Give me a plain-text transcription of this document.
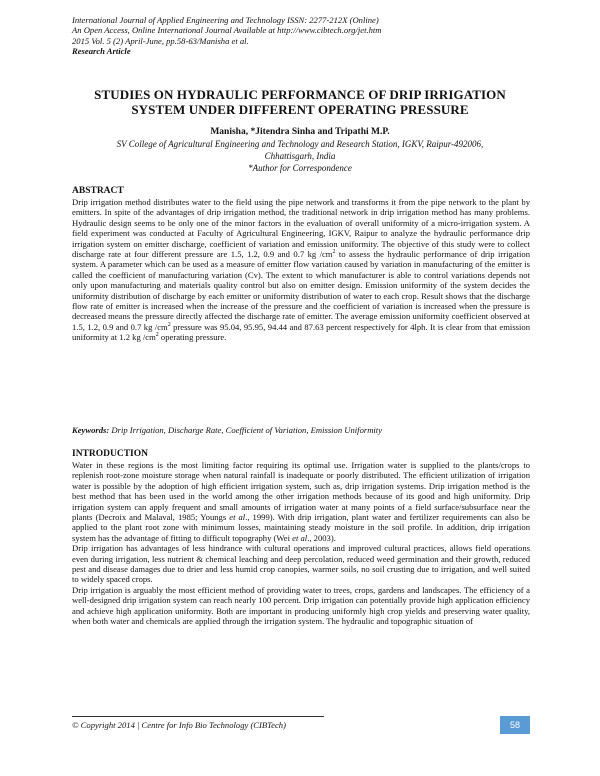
International Journal of Applied Engineering and Technology ISSN: 2277-212X (Online)
An Open Access, Online International Journal Available at http://www.cibtech.org/jet.htm
2015 Vol. 5 (2) April-June, pp.58-63/Manisha et al.
Research Article
STUDIES ON HYDRAULIC PERFORMANCE OF DRIP IRRIGATION
SYSTEM UNDER DIFFERENT OPERATING PRESSURE
Manisha, *Jitendra Sinha and Tripathi M.P.
SV College of Agricultural Engineering and Technology and Research Station, IGKV, Raipur-492006,
Chhattisgarh, India
*Author for Correspondence
ABSTRACT

Drip irrigation method distributes water to the field using the pipe network and transforms it from the pipe network to the plant by emitters. In spite of the advantages of drip irrigation method, the traditional network in drip irrigation method has many problems. Hydraulic design seems to be only one of the minor factors in the evaluation of overall uniformity of a micro-irrigation system. A field experiment was conducted at Faculty of Agricultural Engineering, IGKV, Raipur to analyze the hydraulic performance drip irrigation system on emitter discharge, coefficient of variation and emission uniformity. The objective of this study were to collect discharge rate at four different pressure are 1.5, 1.2, 0.9 and 0.7 kg $/cm^2$ to assess the hydraulic performance of drip irrigation system. A parameter which can be used as a measure of emitter flow variation caused by variation in manufacturing of the emitter is called the coefficient of manufacturing variation (Cv). The extent to which manufacturer is able to control variations depends not only upon manufacturing and materials quality control but also on emitter design. Emission uniformity of the system decides the uniformity distribution of discharge by each emitter or uniformity distribution of water to each crop. Result shows that the discharge flow rate of emitter is increased when the increase of the pressure and the coefficient of variation is increased when the pressure is decreased means the pressure directly affected the discharge rate of emitter. The average emission uniformity coefficient observed at 1.5, 1.2, 0.9 and 0.7 kg $/cm^2$ pressure was 95.04, 95.95, 94.44 and 87.63 percent respectively for 4lph. It is clear from that emission uniformity at 1.2 kg $/cm^2$ operating pressure.

Keywords: Drip Irrigation, Discharge Rate, Coefficient of Variation, Emission Uniformity
INTRODUCTION

Water in these regions is the most limiting factor requiring its optimal use. Irrigation water is supplied to the plants/crops to replenish root-zone moisture storage when natural rainfall is inadequate or poorly distributed. The efficient utilization of irrigation water is possible by the adoption of high efficient irrigation system, such as, drip irrigation systems. Drip irrigation method is the best method that has been used in the world among the other irrigation methods because of its good and high uniformity. Drip irrigation system can apply frequent and small amounts of irrigation water at many points of a field surface/subsurface near the plants (Decroix and Malaval, 1985; Youngs et al., 1999). With drip irrigation, plant water and fertilizer requirements can also be applied to the plant root zone with minimum losses, maintaining steady moisture in the soil profile. In addition, drip irrigation system has the advantage of fitting to difficult topography (Wei et al., 2003).

Drip irrigation has advantages of less hindrance with cultural operations and improved cultural practices, allows field operations even during irrigation, less nutrient & chemical leaching and deep percolation, reduced weed germination and their growth, reduced pest and disease damages due to drier and less humid crop canopies, warmer soils, no soil crusting due to irrigation, and well suited to widely spaced crops.

Drip irrigation is arguably the most efficient method of providing water to trees, crops, gardens and landscapes. The efficiency of a well-designed drip irrigation system can reach nearly 100 percent. Drip irrigation can potentially provide high application efficiency and achieve high application uniformity. Both are important in producing uniformly high crop yields and preserving water quality, when both water and chemicals are applied through the irrigation system. The hydraulic and topographic situation of

© Copyright 2014 | Centre for Info Bio Technology (CIBTech)	58
